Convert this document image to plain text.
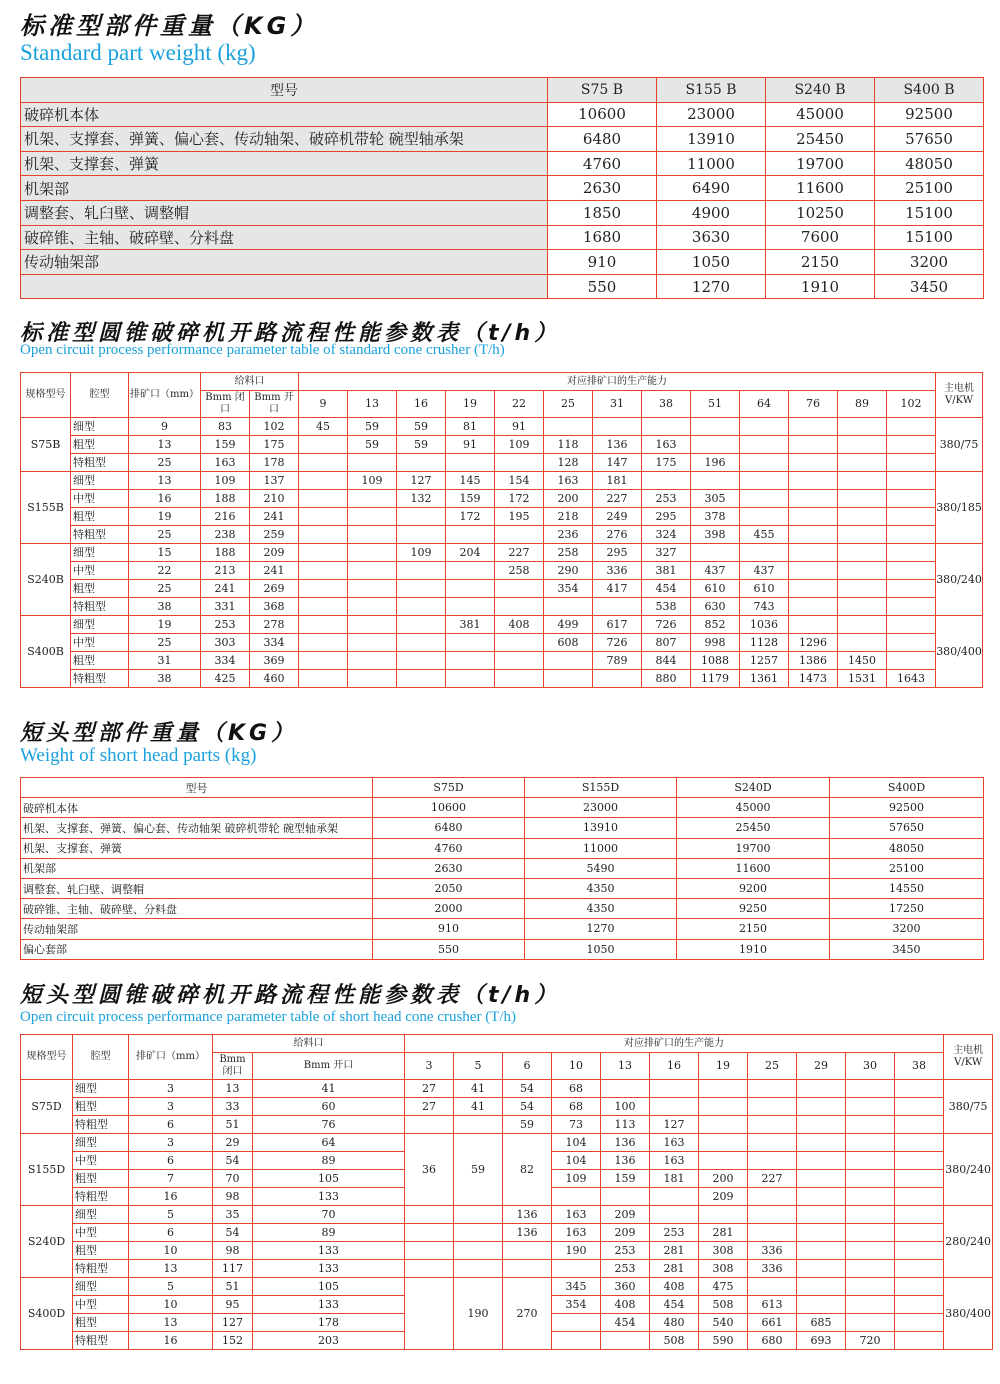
标准型部件重量（KG）
Standard part weight (kg)
型号	S75 B	S155 B	S240 B	S400 B
破碎机本体	10600	23000	45000	92500
机架、支撑套、弹簧、偏心套、传动轴架、破碎机带轮 碗型轴承架	6480	13910	25450	57650
机架、支撑套、弹簧	4760	11000	19700	48050
机架部	2630	6490	11600	25100
调整套、轧臼壁、调整帽	1850	4900	10250	15100
破碎锥、主轴、破碎壁、分料盘	1680	3630	7600	15100
传动轴架部	910	1050	2150	3200
	550	1270	1910	3450
标准型圆锥破碎机开路流程性能参数表（t/h）
Open circuit process performance parameter table of standard cone crusher (T/h)
规格型号	腔型	排矿口（mm）	给料口		对应排矿口的生产能力													主电机 V/KW
			Bmm 闭口	Bmm 开口	9	13	16	19	22	25	31	38	51	64	76	89	102	
S75B	细型	9	83	102	45	59	59	81	91									380/75
	粗型	13	159	175		59	59	91	109	118	136	163						
	特粗型	25	163	178						128	147	175	196					
S155B	细型	13	109	137		109	127	145	154	163	181							380/185
	中型	16	188	210			132	159	172	200	227	253	305					
	粗型	19	216	241				172	195	218	249	295	378					
	特粗型	25	238	259						236	276	324	398	455				
S240B	细型	15	188	209			109	204	227	258	295	327						380/240
	中型	22	213	241					258	290	336	381	437	437				
	粗型	25	241	269						354	417	454	610	610				
	特粗型	38	331	368								538	630	743				
S400B	细型	19	253	278				381	408	499	617	726	852	1036				380/400
	中型	25	303	334						608	726	807	998	1128	1296			
	粗型	31	334	369							789	844	1088	1257	1386	1450		
	特粗型	38	425	460								880	1179	1361	1473	1531	1643	
短头型部件重量（KG）
Weight of short head parts (kg)
型号	S75D	S155D	S240D	S400D
破碎机本体	10600	23000	45000	92500
机架、支撑套、弹簧、偏心套、传动轴架 破碎机带轮 碗型轴承架	6480	13910	25450	57650
机架、支撑套、弹簧	4760	11000	19700	48050
机架部	2630	5490	11600	25100
调整套、轧臼壁、调整帽	2050	4350	9200	14550
破碎锥、主轴、破碎壁、分料盘	2000	4350	9250	17250
传动轴架部	910	1270	2150	3200
偏心套部	550	1050	1910	3450
短头型圆锥破碎机开路流程性能参数表（t/h）
Open circuit process performance parameter table of short head cone crusher (T/h)
规格型号	腔型	排矿口（mm）	给料口		对应排矿口的生产能力											主电机 V/KW
			Bmm 闭口	Bmm 开口	3	5	6	10	13	16	19	25	29	30	38	
S75D	细型	3	13	41	27	41	54	68								380/75
	粗型	3	33	60	27	41	54	68	100							
	特粗型	6	51	76			59	73	113	127						
S155D	细型	3	29	64	36	59	82	104	136	163						380/240
	中型	6	54	89				104	136	163						
	粗型	7	70	105				109	159	181	200	227				
	特粗型	16	98	133							209					
S240D	细型	5	35	70			136	163	209							280/240
	中型	6	54	89			136	163	209	253	281					
	粗型	10	98	133				190	253	281	308	336				
	特粗型	13	117	133					253	281	308	336				
S400D	细型	5	51	105		190	270	345	360	408	475					380/400
	中型	10	95	133				354	408	454	508	613				
	粗型	13	127	178					454	480	540	661	685			
	特粗型	16	152	203						508	590	680	693	720		
